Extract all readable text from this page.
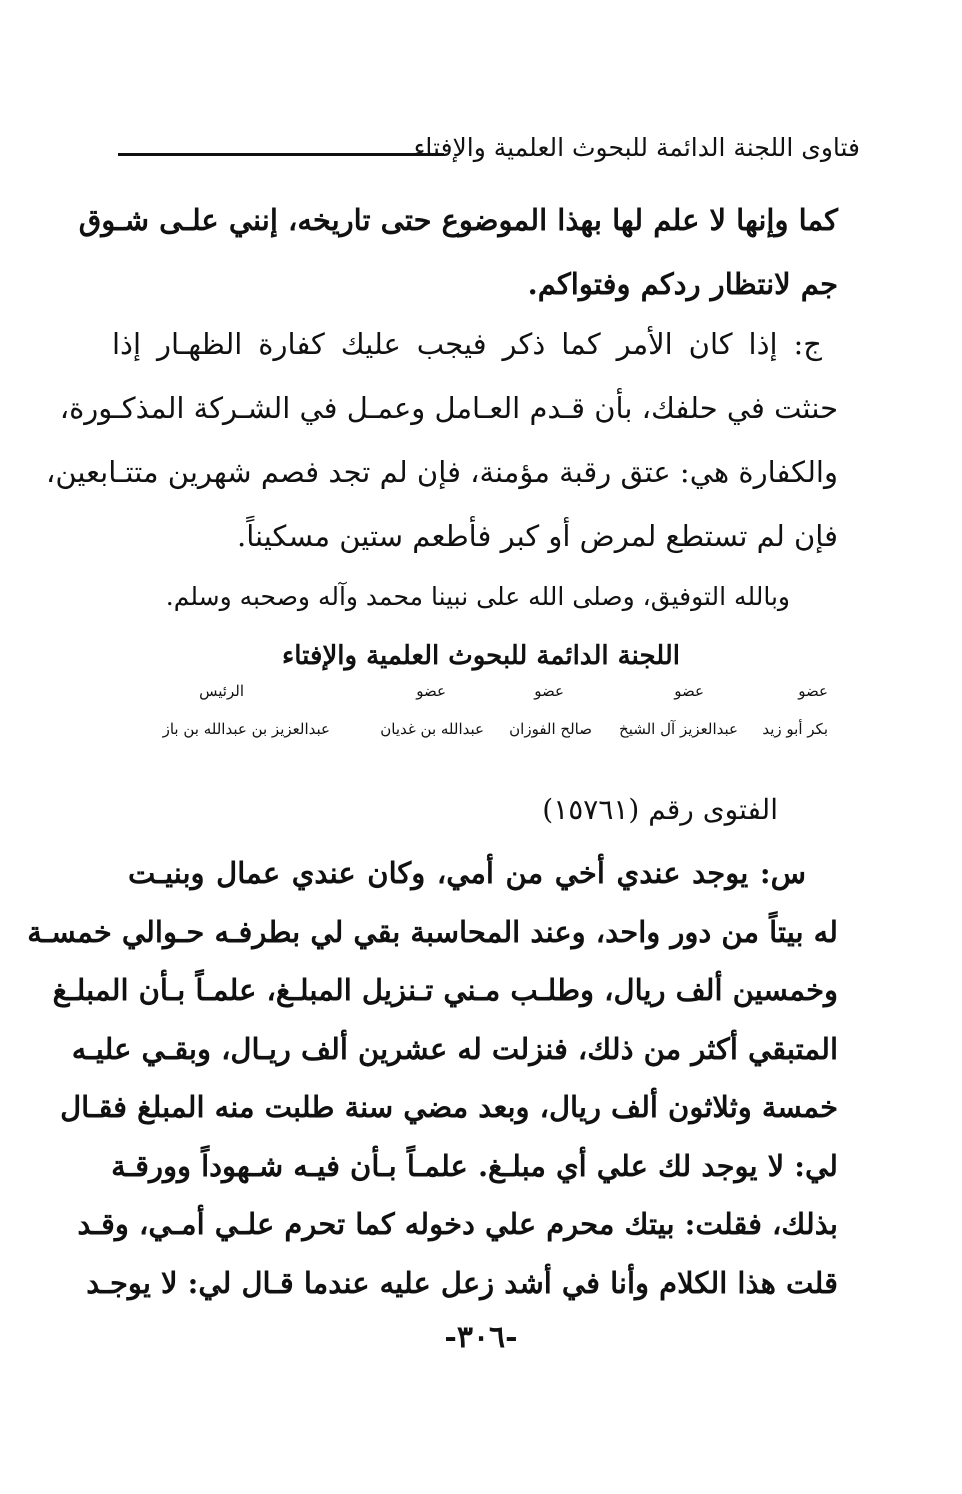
فتاوى اللجنة الدائمة للبحوث العلمية والإفتاء
كما وإنها لا علم لها بهذا الموضوع حتى تاريخه، إنني علـى شـوق
جم لانتظار ردكم وفتواكم.
ج: إذا كان الأمر كما ذكر فيجب عليك كفارة الظهـار إذا
حنثت في حلفك، بأن قـدم العـامل وعمـل في الشـركة المذكـورة،
والكفارة هي: عتق رقبة مؤمنة، فإن لم تجد فصم شهرين متتـابعين،
فإن لم تستطع لمرض أو كبر فأطعم ستين مسكيناً.
وبالله التوفيق، وصلى الله على نبينا محمد وآله وصحبه وسلم.
اللجنة الدائمة للبحوث العلمية والإفتاء
عضو
بكر أبو زيد
عضو
عبدالعزيز آل الشيخ
عضو
صالح الفوزان
عضو
عبدالله بن غديان
الرئيس
عبدالعزيز بن عبدالله بن باز
الفتوى رقم (١٥٧٦١)
س: يوجد عندي أخي من أمي، وكان عندي عمال وبنيـت
له بيتاً من دور واحد، وعند المحاسبة بقي لي بطرفـه حـوالي خمسـة
وخمسين ألف ريال، وطلـب مـني تـنزيل المبلـغ، علمـاً بـأن المبلـغ
المتبقي أكثر من ذلك، فنزلت له عشرين ألف ريـال، وبقـي عليـه
خمسة وثلاثون ألف ريال، وبعد مضي سنة طلبت منه المبلغ فقـال
لي: لا يوجد لك علي أي مبلـغ. علمـاً بـأن فيـه شـهوداً وورقـة
بذلك، فقلت: بيتك محرم علي دخوله كما تحرم علـي أمـي، وقـد
قلت هذا الكلام وأنا في أشد زعل عليه عندما قـال لي: لا يوجـد
-٣٠٦-
